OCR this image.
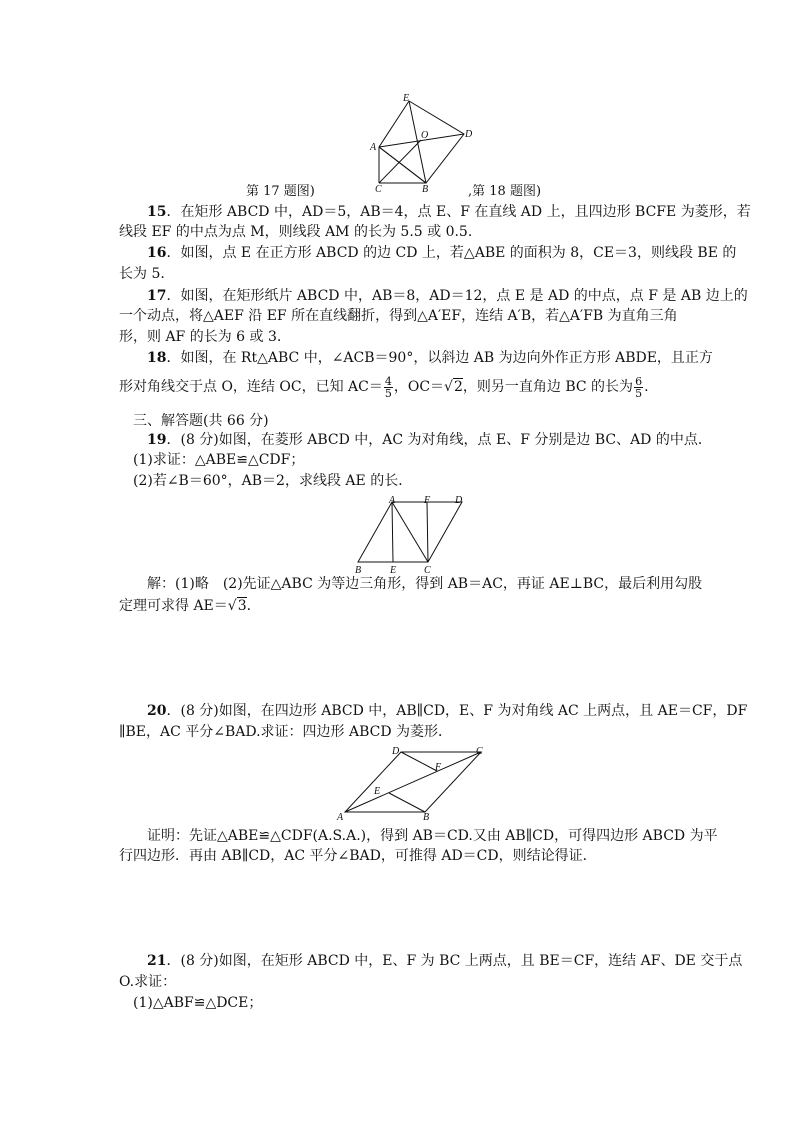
E
A
O	D
C	B
第 17 题图)	,第 18 题图)
15．在矩形 ABCD 中，AD＝5，AB＝4，点 E、F 在直线 AD 上，且四边形 BCFE 为菱形，若
线段 EF 的中点为点 M，则线段 AM 的长为 5.5 或 0.5.
16．如图，点 E 在正方形 ABCD 的边 CD 上，若△ABE 的面积为 8，CE＝3，则线段 BE 的
长为 5.
17．如图，在矩形纸片 ABCD 中，AB＝8，AD＝12，点 E 是 AD 的中点，点 F 是 AB 边上的
一个动点，将△AEF 沿 EF 所在直线翻折，得到△A′EF，连结 A′B，若△A′FB 为直角三角
形，则 AF 的长为 6 或 3.
18．如图，在 Rt△ABC 中，∠ACB＝90°，以斜边 AB 为边向外作正方形 ABDE，且正方
形对角线交于点 O，连结 OC，已知 $AC= \frac{4}{5}$ ，OC＝√2，则另一直角边 BC 的长为 $\frac{6}{5}$ .
三、解答题(共 66 分)
19．(8 分)如图，在菱形 ABCD 中，AC 为对角线，点 E、F 分别是边 BC、AD 的中点．
(1)求证：△ABE≌△CDF；
(2)若∠B＝60°，AB＝2，求线段 AE 的长．
A	F D
B	E	C
解：(1)略　(2)先证△ABC 为等边三角形，得到 AB＝AC，再证 AE⊥BC，最后利用勾股
定理可求得 AE＝√3.
20．(8 分)如图，在四边形 ABCD 中，AB∥CD，E、F 为对角线 AC 上两点，且 AE＝CF，DF
∥BE，AC 平分∠BAD.求证：四边形 ABCD 为菱形．
D	C
F
E
A	B
证明：先证△ABE≌△CDF(A.S.A.)，得到 AB＝CD.又由 AB∥CD，可得四边形 ABCD 为平
行四边形．再由 AB∥CD，AC 平分∠BAD，可推得 AD＝CD，则结论得证．
21．(8 分)如图，在矩形 ABCD 中，E、F 为 BC 上两点，且 BE＝CF，连结 AF、DE 交于点
O.求证：
(1)△ABF≌△DCE；
